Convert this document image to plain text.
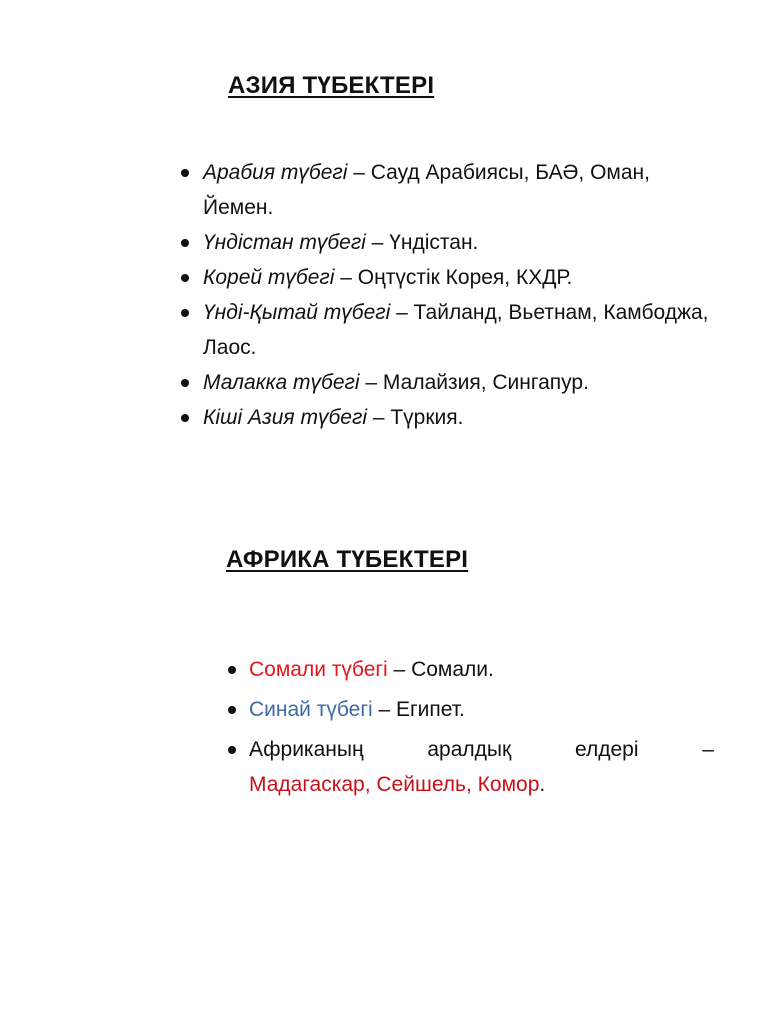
АЗИЯ ТҮБЕКТЕРІ
Арабия түбегі – Сауд Арабиясы, БАӘ, Оман, Йемен.
Үндістан түбегі – Үндістан.
Корей түбегі – Оңтүстік Корея, КХДР.
Үнді-Қытай түбегі – Тайланд, Вьетнам, Камбоджа, Лаос.
Малакка түбегі – Малайзия, Сингапур.
Кіші Азия түбегі – Түркия.
АФРИКА ТҮБЕКТЕРІ
Сомали түбегі – Сомали.
Синай түбегі – Египет.
Африканың	аралдық	елдері	–
Мадагаскар, Сейшель, Комор.
